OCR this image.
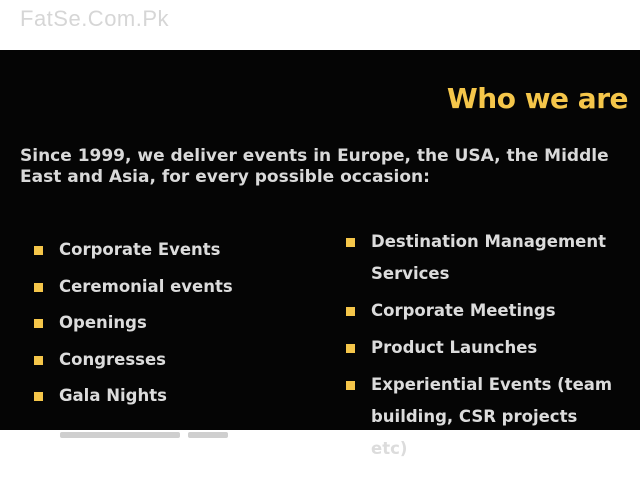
FatSe.Com.Pk
Who we are
Since 1999, we deliver events in Europe, the USA, the Middle East and Asia, for every possible occasion:
Corporate Events
Ceremonial events
Openings
Congresses
Gala Nights
Destination Management Services
Corporate Meetings
Product Launches
Experiential Events (team building, CSR projects etc)
